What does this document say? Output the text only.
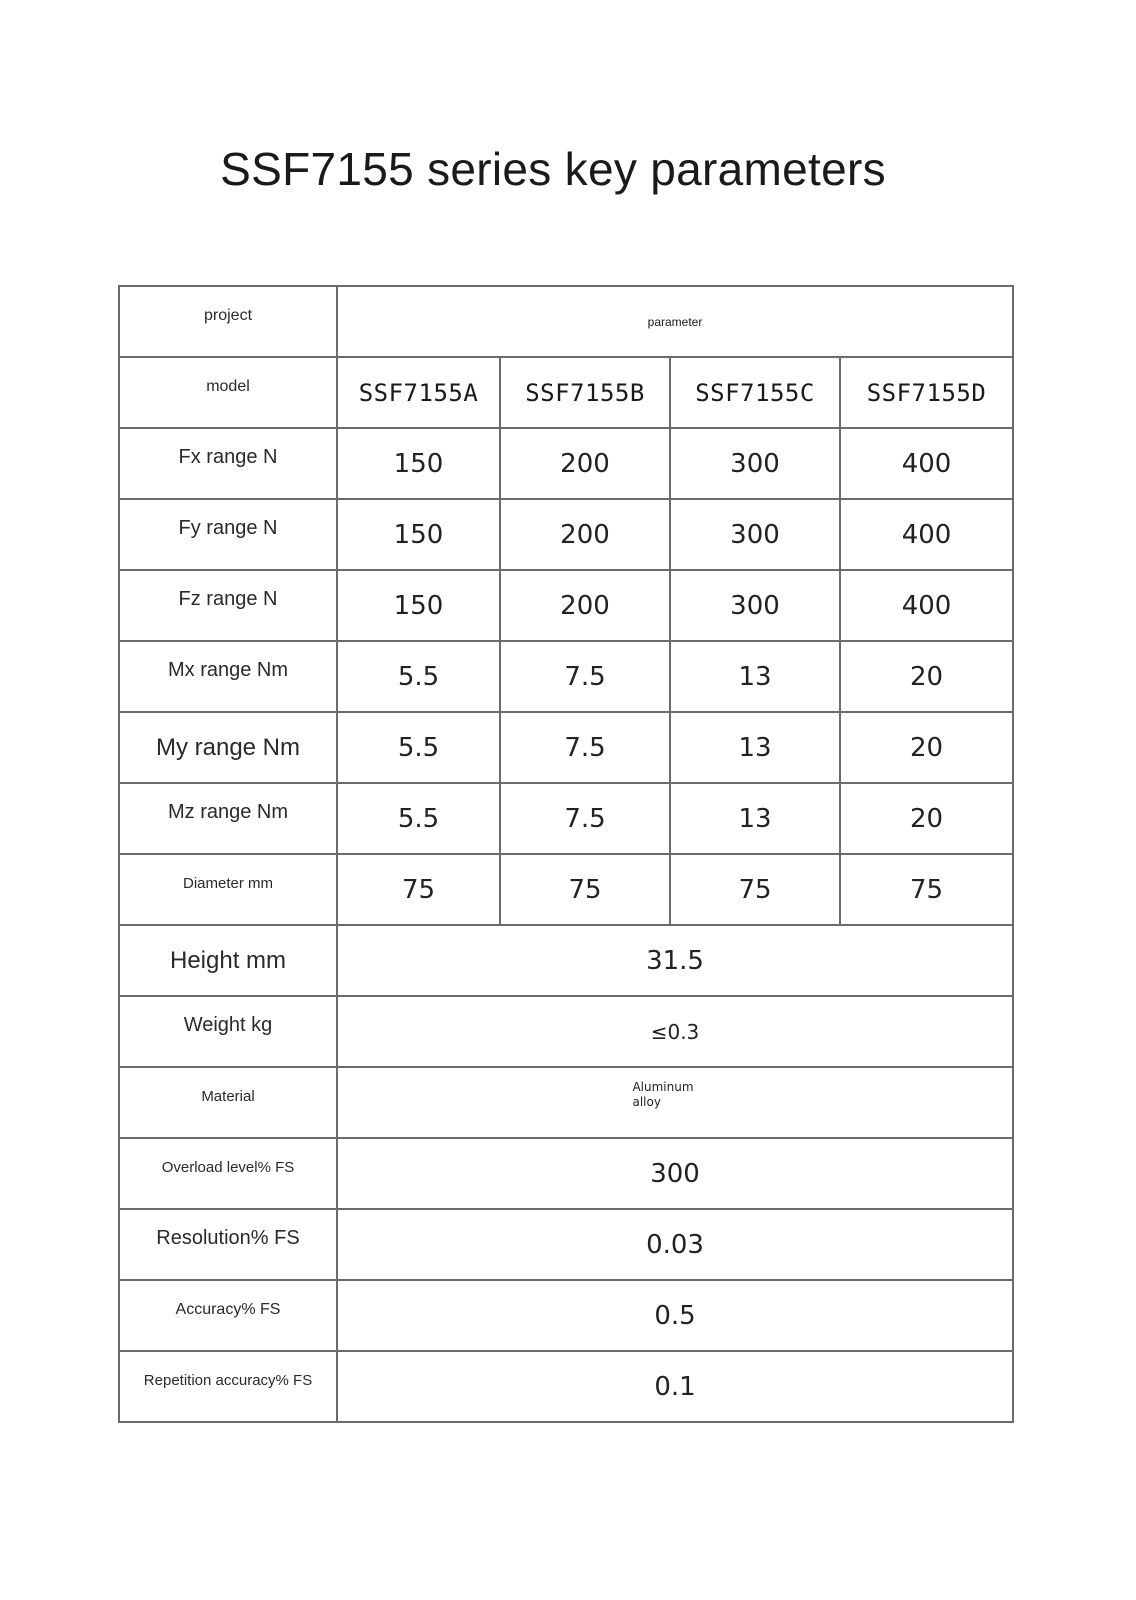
SSF7155 series key parameters
project	parameter			

model	SSF7155A	SSF7155B	SSF7155C	SSF7155D

Fx range N	150	200	300	400

Fy range N	150	200	300	400

Fz range N	150	200	300	400

Mx range Nm	5.5	7.5	13	20
My range Nm	5.5	7.5	13	20

Mz range Nm	5.5	7.5	13	20

Diameter mm	75	75	75	75
Height mm	31.5			

Weight kg	≤0.3			

Material	Aluminum
alloy			

Overload level% FS	300			

Resolution% FS	0.03			

Accuracy% FS	0.5			

Repetition accuracy% FS	0.1			
